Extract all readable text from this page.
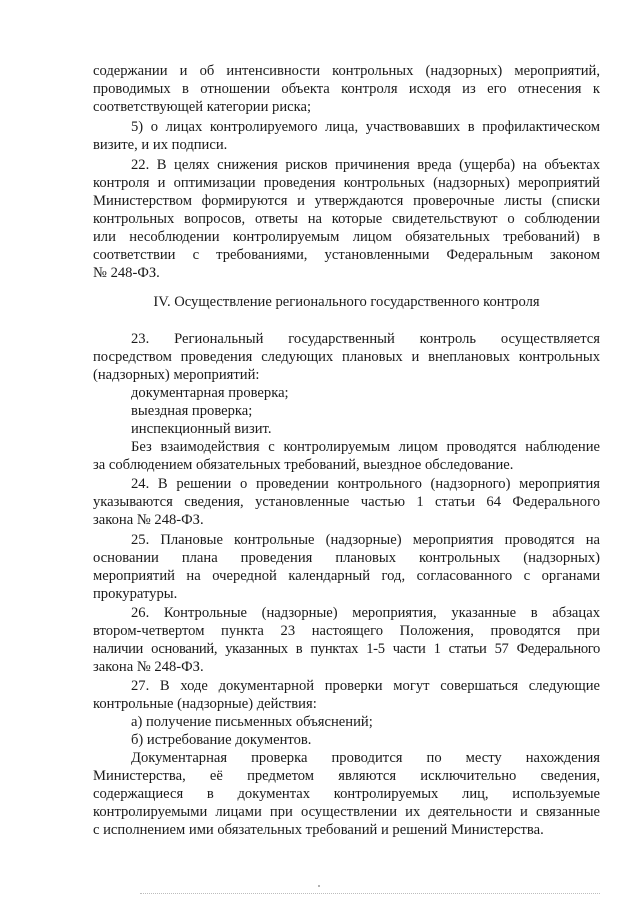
содержании и об интенсивности контрольных (надзорных) мероприятий,
проводимых в отношении объекта контроля исходя из его отнесения к
соответствующей категории риска;
5) о лицах контролируемого лица, участвовавших в профилактическом
визите, и их подписи.
22. В целях снижения рисков причинения вреда (ущерба) на объектах
контроля и оптимизации проведения контрольных (надзорных) мероприятий
Министерством формируются и утверждаются проверочные листы (списки
контрольных вопросов, ответы на которые свидетельствуют о соблюдении
или несоблюдении контролируемым лицом обязательных требований) в
соответствии с требованиями, установленными Федеральным законом
№ 248-ФЗ.
IV. Осуществление регионального государственного контроля
23. Региональный государственный контроль осуществляется
посредством проведения следующих плановых и внеплановых контрольных
(надзорных) мероприятий:
документарная проверка;
выездная проверка;
инспекционный визит.
Без взаимодействия с контролируемым лицом проводятся наблюдение
за соблюдением обязательных требований, выездное обследование.
24. В решении о проведении контрольного (надзорного) мероприятия
указываются сведения, установленные частью 1 статьи 64 Федерального
закона № 248-ФЗ.
25. Плановые контрольные (надзорные) мероприятия проводятся на
основании плана проведения плановых контрольных (надзорных)
мероприятий на очередной календарный год, согласованного с органами
прокуратуры.
26. Контрольные (надзорные) мероприятия, указанные в абзацах
втором-четвертом пункта 23 настоящего Положения, проводятся при
наличии оснований, указанных в пунктах 1-5 части 1 статьи 57 Федерального
закона № 248-ФЗ.
27. В ходе документарной проверки могут совершаться следующие
контрольные (надзорные) действия:
а) получение письменных объяснений;
б) истребование документов.
Документарная проверка проводится по месту нахождения
Министерства, её предметом являются исключительно сведения,
содержащиеся в документах контролируемых лиц, используемые
контролируемыми лицами при осуществлении их деятельности и связанные
с исполнением ими обязательных требований и решений Министерства.
